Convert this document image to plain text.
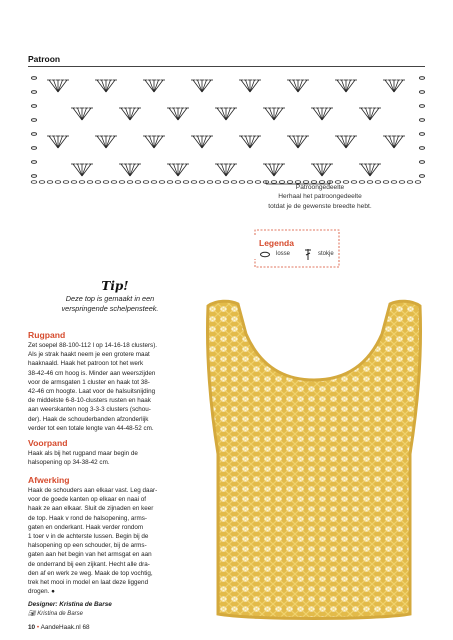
Patroon
Patroongedeelte
Herhaal het patroongedeelte
totdat je de gewenste breedte hebt.
Legenda
losse	stokje
Tip!
Deze top is gemaakt in een
verspringende schelpensteek.
Rugpand
Zet soepel 88-100-112 l op 14-16-18 clusters).
Als je strak haakt neem je een grotere maat
haaknaald. Haak het patroon tot het werk
38-42-46 cm hoog is. Minder aan weerszijden
voor de armsgaten 1 cluster en haak tot 38-
42-46 cm hoogte. Laat voor de halsuitsnijding
de middelste 6-8-10-clusters rusten en haak
aan weerskanten nog 3-3-3 clusters (schou-
der). Haak de schouderbanden afzonderlijk
verder tot een totale lengte van 44-48-52 cm.
Voorpand
Haak als bij het rugpand maar begin de
halsopening op 34-38-42 cm.
Afwerking
Haak de schouders aan elkaar vast. Leg daar-
voor de goede kanten op elkaar en naai of
haak ze aan elkaar. Sluit de zijnaden en keer
de top. Haak v rond de halsopening, arms-
gaten en onderkant. Haak verder rondom
1 toer v in de achterste lussen. Begin bij de
halsopening op een schouder, bij de arms-
gaten aan het begin van het armsgat en aan
de onderrand bij een zijkant. Hecht alle dra-
den af en werk ze weg. Maak de top vochtig,
trek het mooi in model en laat deze liggend
drogen. ●
Designer: Kristina de Barse
📷︎ Kristina de Barse
10 • AandeHaak.nl 68
